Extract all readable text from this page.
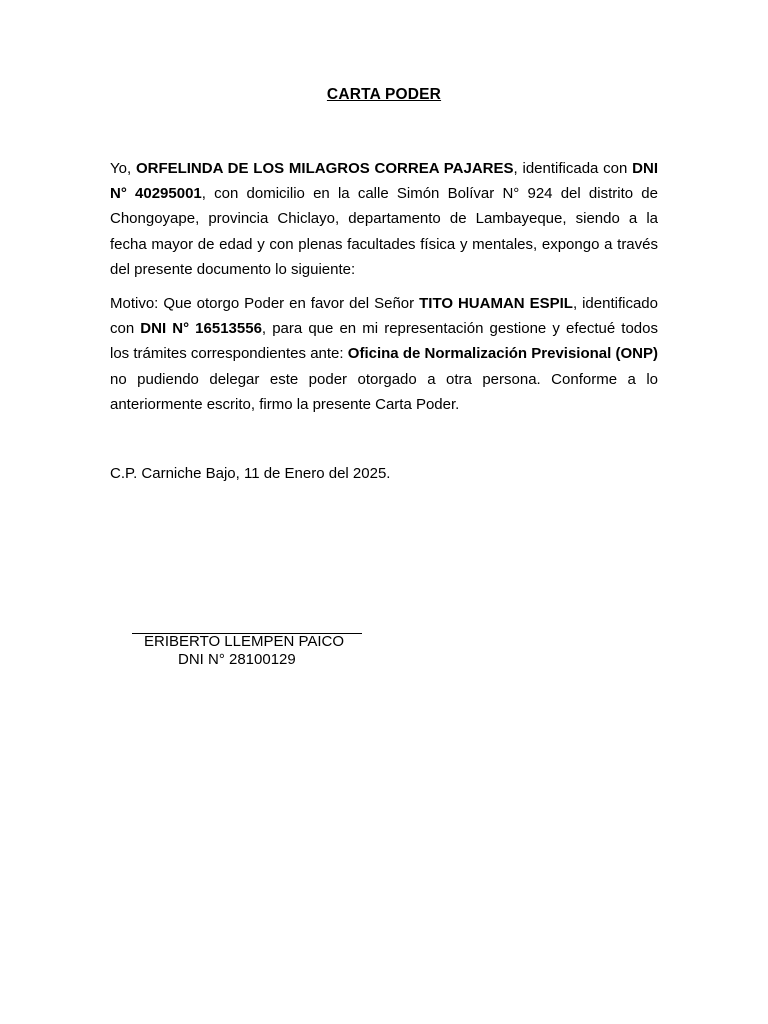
CARTA PODER

Yo, ORFELINDA DE LOS MILAGROS CORREA PAJARES, identificada con DNI N° 40295001, con domicilio en la calle Simón Bolívar N° 924 del distrito de Chongoyape, provincia Chiclayo, departamento de Lambayeque, siendo a la fecha mayor de edad y con plenas facultades física y mentales, expongo a través del presente documento lo siguiente:

Motivo: Que otorgo Poder en favor del Señor TITO HUAMAN ESPIL, identificado con DNI N° 16513556, para que en mi representación gestione y efectué todos los trámites correspondientes ante: Oficina de Normalización Previsional (ONP) no pudiendo delegar este poder otorgado a otra persona. Conforme a lo anteriormente escrito, firmo la presente Carta Poder.

C.P. Carniche Bajo, 11 de Enero del 2025.
ERIBERTO LLEMPEN PAICO
DNI N° 28100129
